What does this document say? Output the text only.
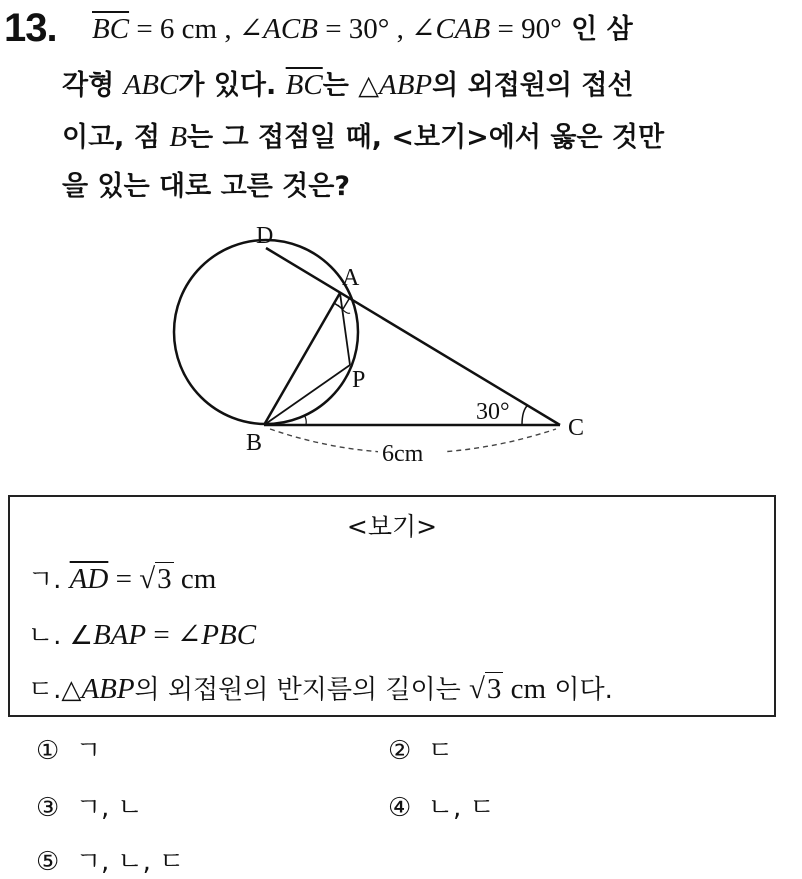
13. $\overline{BC} = 6$ cm , ∠ACB = 30° , ∠CAB = 90° 인 삼
각형 ABC가 있다. $\overline{BC}$는 △ABP의 외접원의 접선
이고, 점 B는 그 접점일 때, <보기>에서 옳은 것만
을 있는 대로 고른 것은?
D
A
P
B
C
30°
6cm
<보기>
ㄱ. $\overline{AD} = √3$ cm
ㄴ. ∠BAP = ∠PBC
ㄷ.△ABP의 외접원의 반지름의 길이는 √3 cm 이다.
① ㄱ	② ㄷ
③ ㄱ, ㄴ	④ ㄴ, ㄷ
⑤ ㄱ, ㄴ, ㄷ
